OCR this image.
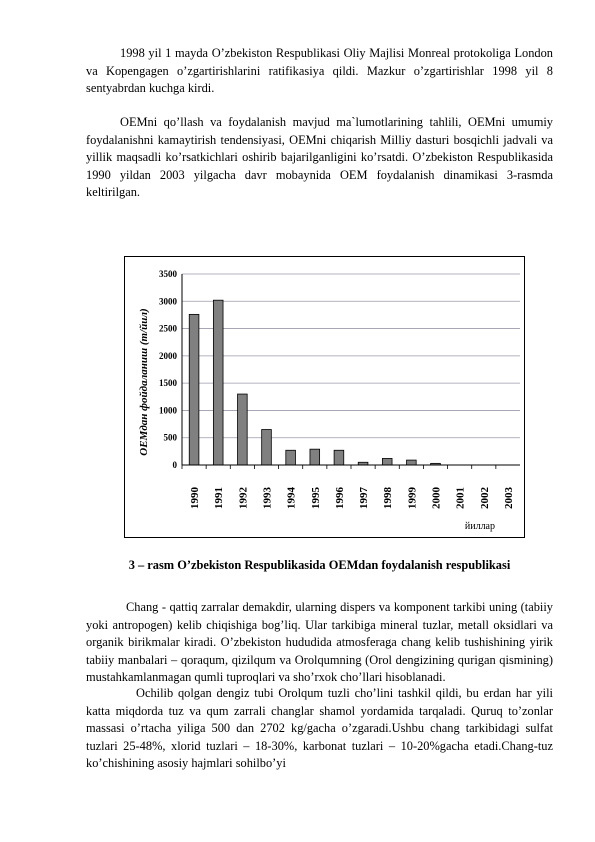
1998 yil 1 mayda O’zbekiston Respublikasi Oliy Majlisi Monreal protokoliga London va Kopengagen o’zgartirishlarini ratifikasiya qildi. Mazkur o’zgartirishlar 1998 yil 8 sentyabrdan kuchga kirdi.
OEMni qo’llash va foydalanish mavjud ma`lumotlarining tahlili, OEMni umumiy foydalanishni kamaytirish tendensiyasi, OEMni chiqarish Milliy dasturi bosqichli jadvali va yillik maqsadli ko’rsatkichlari oshirib bajarilganligini ko’rsatdi. O’zbekiston Respublikasida 1990 yildan 2003 yilgacha davr mobaynida OEM foydalanish dinamikasi 3-rasmda keltirilgan.
0
500
1000
1500
2000
2500
3000
3500
1990 1991 1992 1993 1994 1995 1996 1997 1998 1999 2000 2001 2002 2003
ОЕМдан фойдаланиш (т/йил)
йиллар
3 – rasm O’zbekiston Respublikasida OEMdan foydalanish respublikasi
Chang - qattiq zarralar demakdir, ularning dispers va komponent tarkibi uning (tabiiy yoki antropogen) kelib chiqishiga bog’liq. Ular tarkibiga mineral tuzlar, metall oksidlari va organik birikmalar kiradi. O’zbekiston hududida atmosferaga chang kelib tushishining yirik tabiiy manbalari – qoraqum, qizilqum va Orolqumning (Orol dengizining qurigan qismining) mustahkamlanmagan qumli tuproqlari va sho’rxok cho’llari hisoblanadi.
Ochilib qolgan dengiz tubi Orolqum tuzli cho’lini tashkil qildi, bu erdan har yili katta miqdorda tuz va qum zarrali changlar shamol yordamida tarqaladi. Quruq to’zonlar massasi o’rtacha yiliga 500 dan 2702 kg/gacha o’zgaradi.Ushbu chang tarkibidagi sulfat tuzlari 25-48%, xlorid tuzlari – 18-30%, karbonat tuzlari – 10-20%gacha etadi.Chang-tuz ko’chishining asosiy hajmlari sohilbo’yi
